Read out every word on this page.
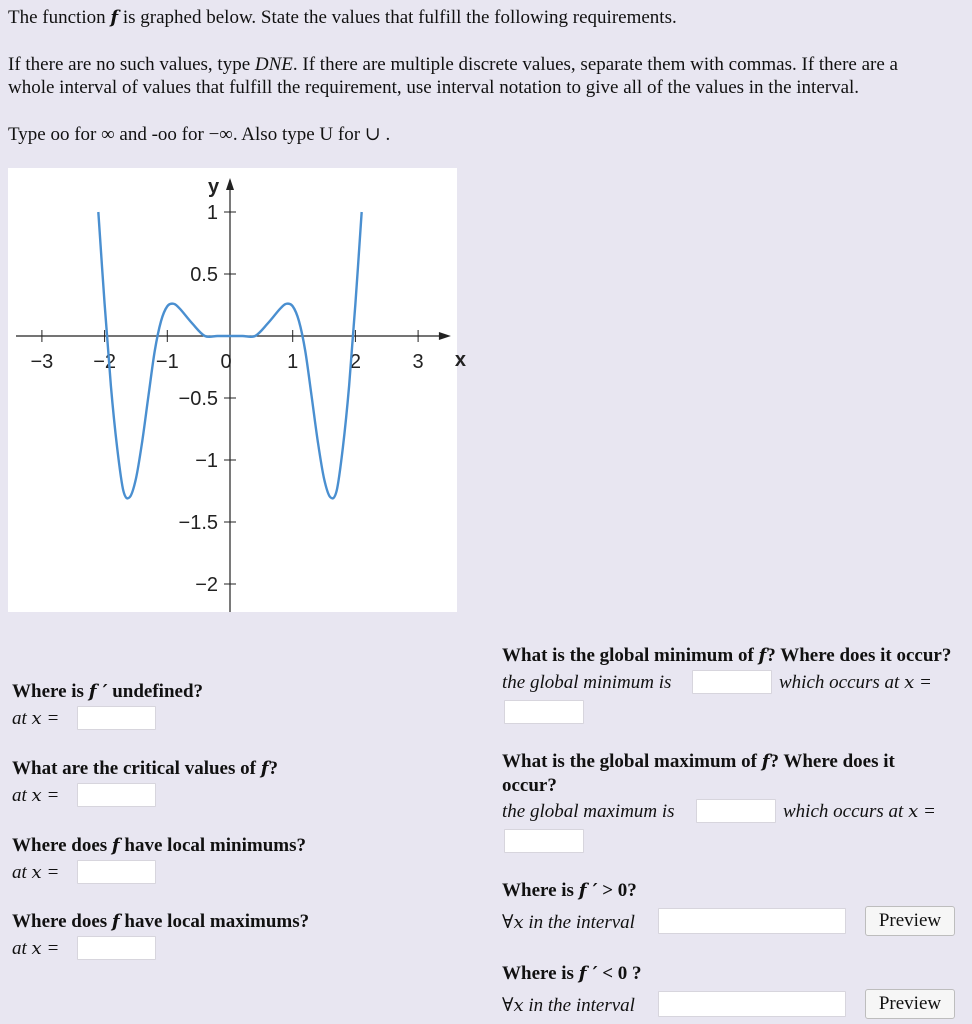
The function f is graphed below. State the values that fulfill the following requirements.
If there are no such values, type DNE. If there are multiple discrete values, separate them with commas. If there are a
whole interval of values that fulfill the requirement, use interval notation to give all of the values in the interval.
Type oo for ∞ and -oo for −∞. Also type U for ∪ .
−3 −2 −1 0	1	2	3
1
0.5
−0.5
−1
−1.5
−2
x
y
Where is f ′ undefined?
at x =
What are the critical values of f?
at x =
Where does f have local minimums?
at x =
Where does f have local maximums?
at x =
What is the global minimum of f? Where does it occur?
the global minimum is	which occurs at x =
What is the global maximum of f? Where does it
occur?
the global maximum is	which occurs at x =
Where is f ′ > 0?
∀x in the interval	Preview
Where is f ′ < 0 ?
∀x in the interval	Preview
